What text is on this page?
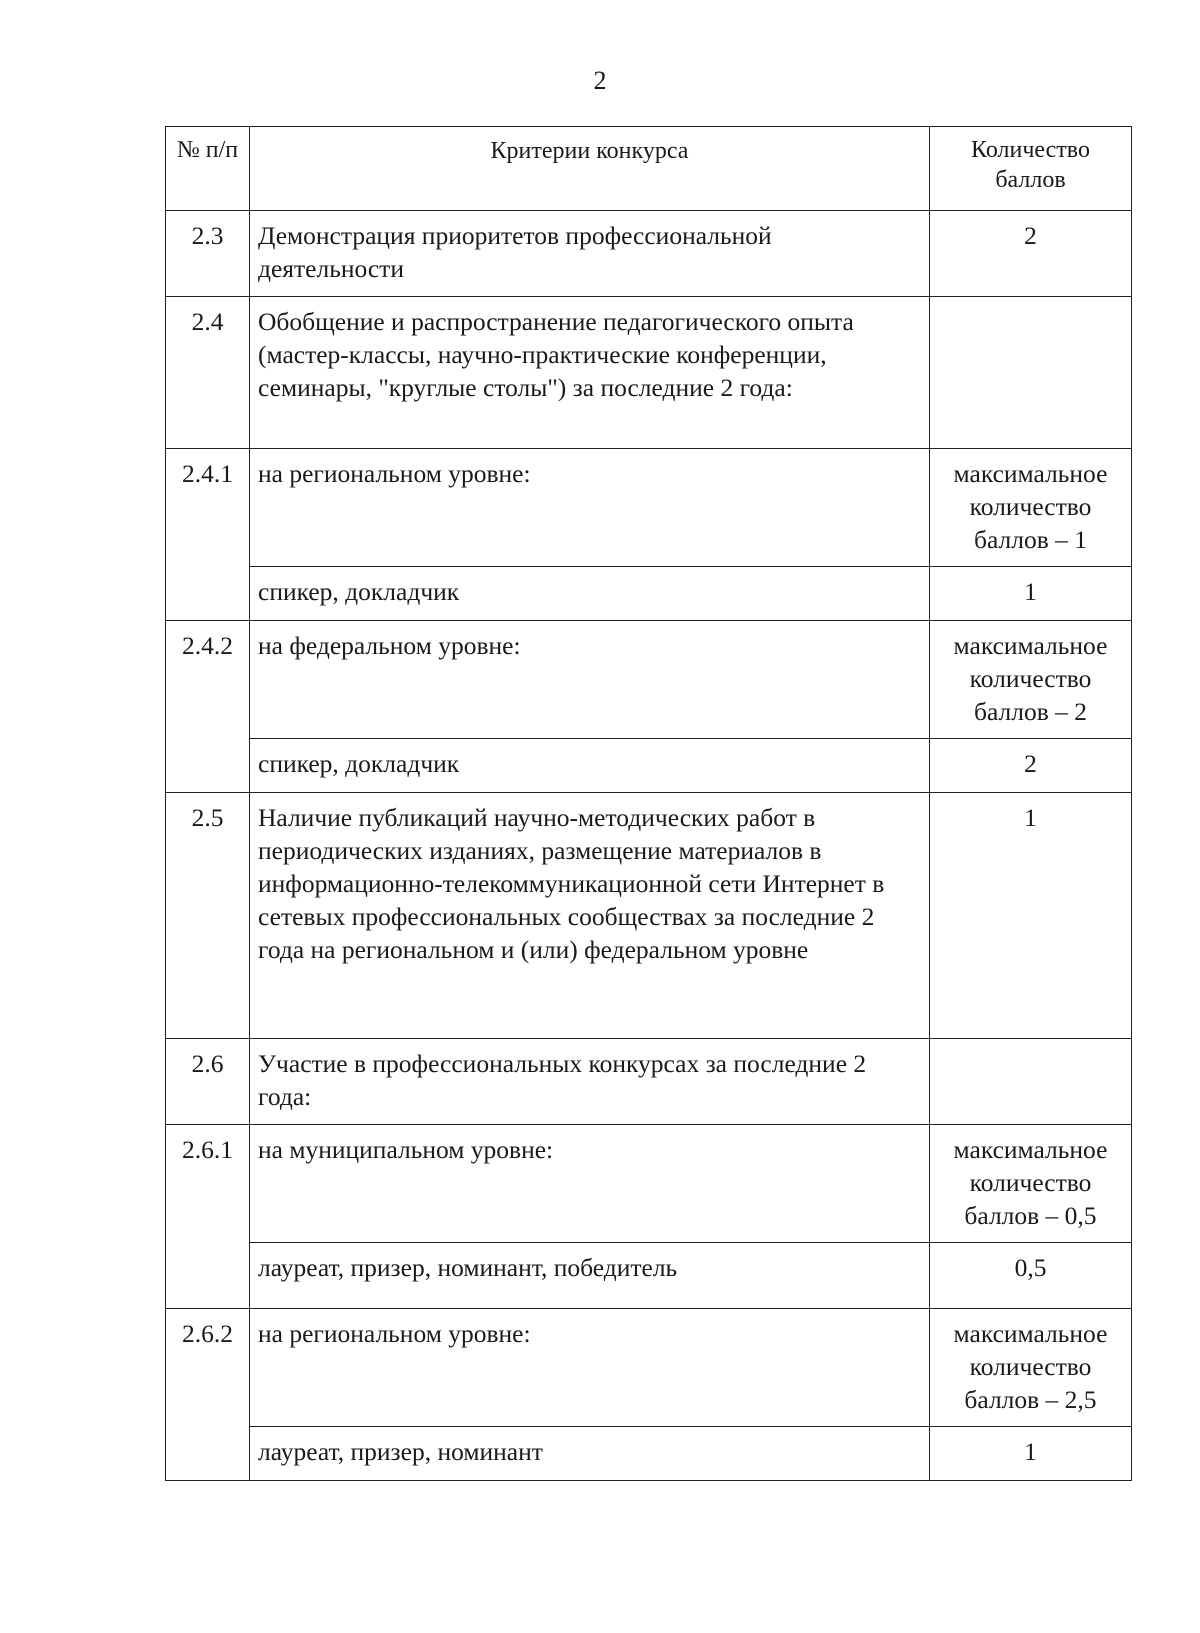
2
№ п/п	Критерии конкурса	Количество баллов
2.3	Демонстрация приоритетов профессиональной деятельности	2
2.4	Обобщение и распространение педагогического опыта (мастер-классы, научно-практические конференции, семинары, "круглые столы") за последние 2 года:	
2.4.1	на региональном уровне:	максимальное количество баллов – 1
	спикер, докладчик	1
2.4.2	на федеральном уровне:	максимальное количество баллов – 2
	спикер, докладчик	2
2.5	Наличие публикаций научно-методических работ в периодических изданиях, размещение материалов в информационно-телекоммуникационной сети Интернет в сетевых профессиональных сообществах за последние 2 года на региональном и (или) федеральном уровне	1
2.6	Участие в профессиональных конкурсах за последние 2 года:	
2.6.1	на муниципальном уровне:	максимальное количество баллов – 0,5
	лауреат, призер, номинант, победитель	0,5
2.6.2	на региональном уровне:	максимальное количество баллов – 2,5
	лауреат, призер, номинант	1
